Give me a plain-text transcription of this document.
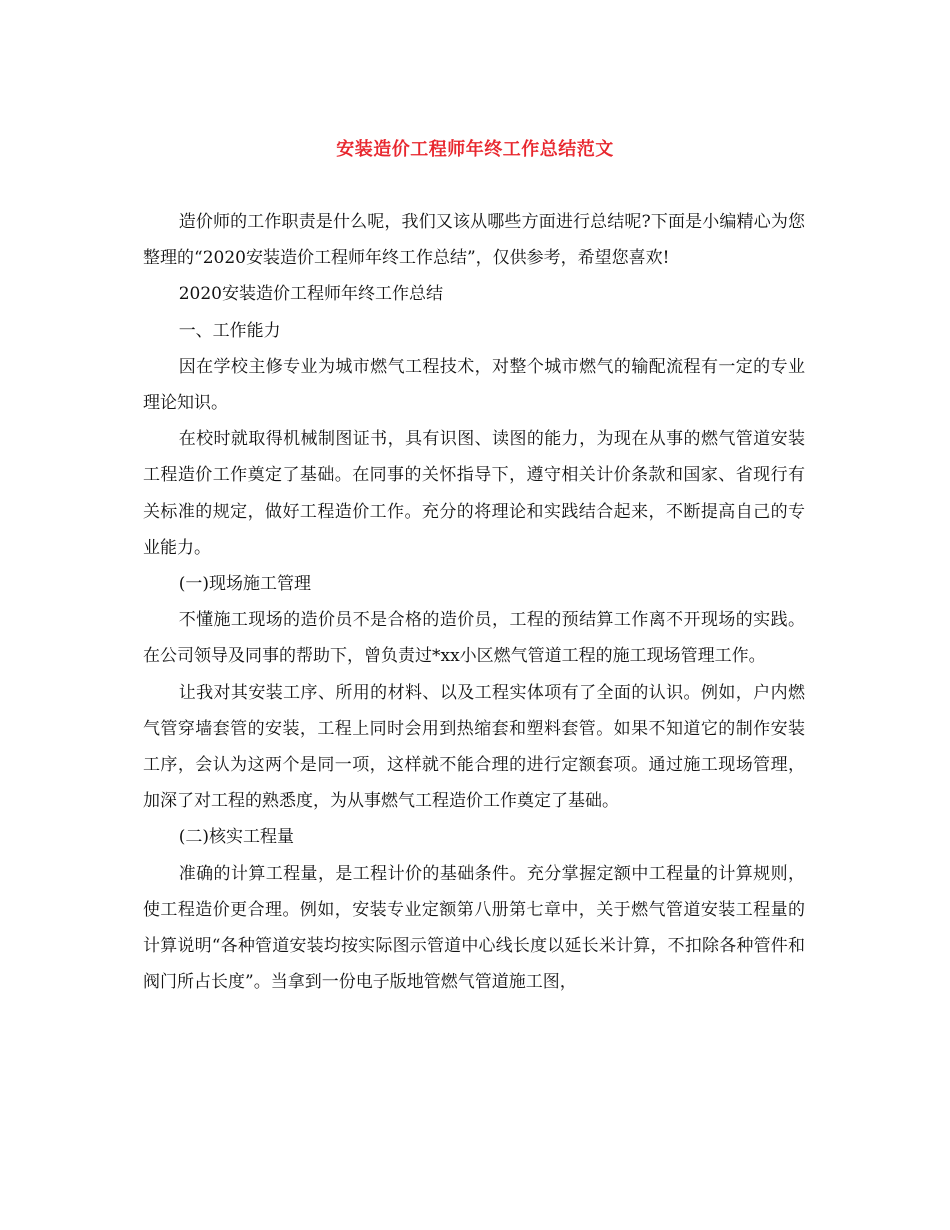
安装造价工程师年终工作总结范文

造价师的工作职责是什么呢，我们又该从哪些方面进行总结呢?下面是小编精心为您整理的“2020安装造价工程师年终工作总结”，仅供参考，希望您喜欢!

2020安装造价工程师年终工作总结

一、工作能力

因在学校主修专业为城市燃气工程技术，对整个城市燃气的输配流程有一定的专业理论知识。

在校时就取得机械制图证书，具有识图、读图的能力，为现在从事的燃气管道安装工程造价工作奠定了基础。在同事的关怀指导下，遵守相关计价条款和国家、省现行有关标准的规定，做好工程造价工作。充分的将理论和实践结合起来，不断提高自己的专业能力。

(一)现场施工管理

不懂施工现场的造价员不是合格的造价员，工程的预结算工作离不开现场的实践。在公司领导及同事的帮助下，曾负责过*xx小区燃气管道工程的施工现场管理工作。

让我对其安装工序、所用的材料、以及工程实体项有了全面的认识。例如，户内燃气管穿墙套管的安装，工程上同时会用到热缩套和塑料套管。如果不知道它的制作安装工序，会认为这两个是同一项，这样就不能合理的进行定额套项。通过施工现场管理，加深了对工程的熟悉度，为从事燃气工程造价工作奠定了基础。

(二)核实工程量

准确的计算工程量，是工程计价的基础条件。充分掌握定额中工程量的计算规则，使工程造价更合理。例如，安装专业定额第八册第七章中，关于燃气管道安装工程量的计算说明“各种管道安装均按实际图示管道中心线长度以延长米计算，不扣除各种管件和阀门所占长度”。当拿到一份电子版地管燃气管道施工图，
